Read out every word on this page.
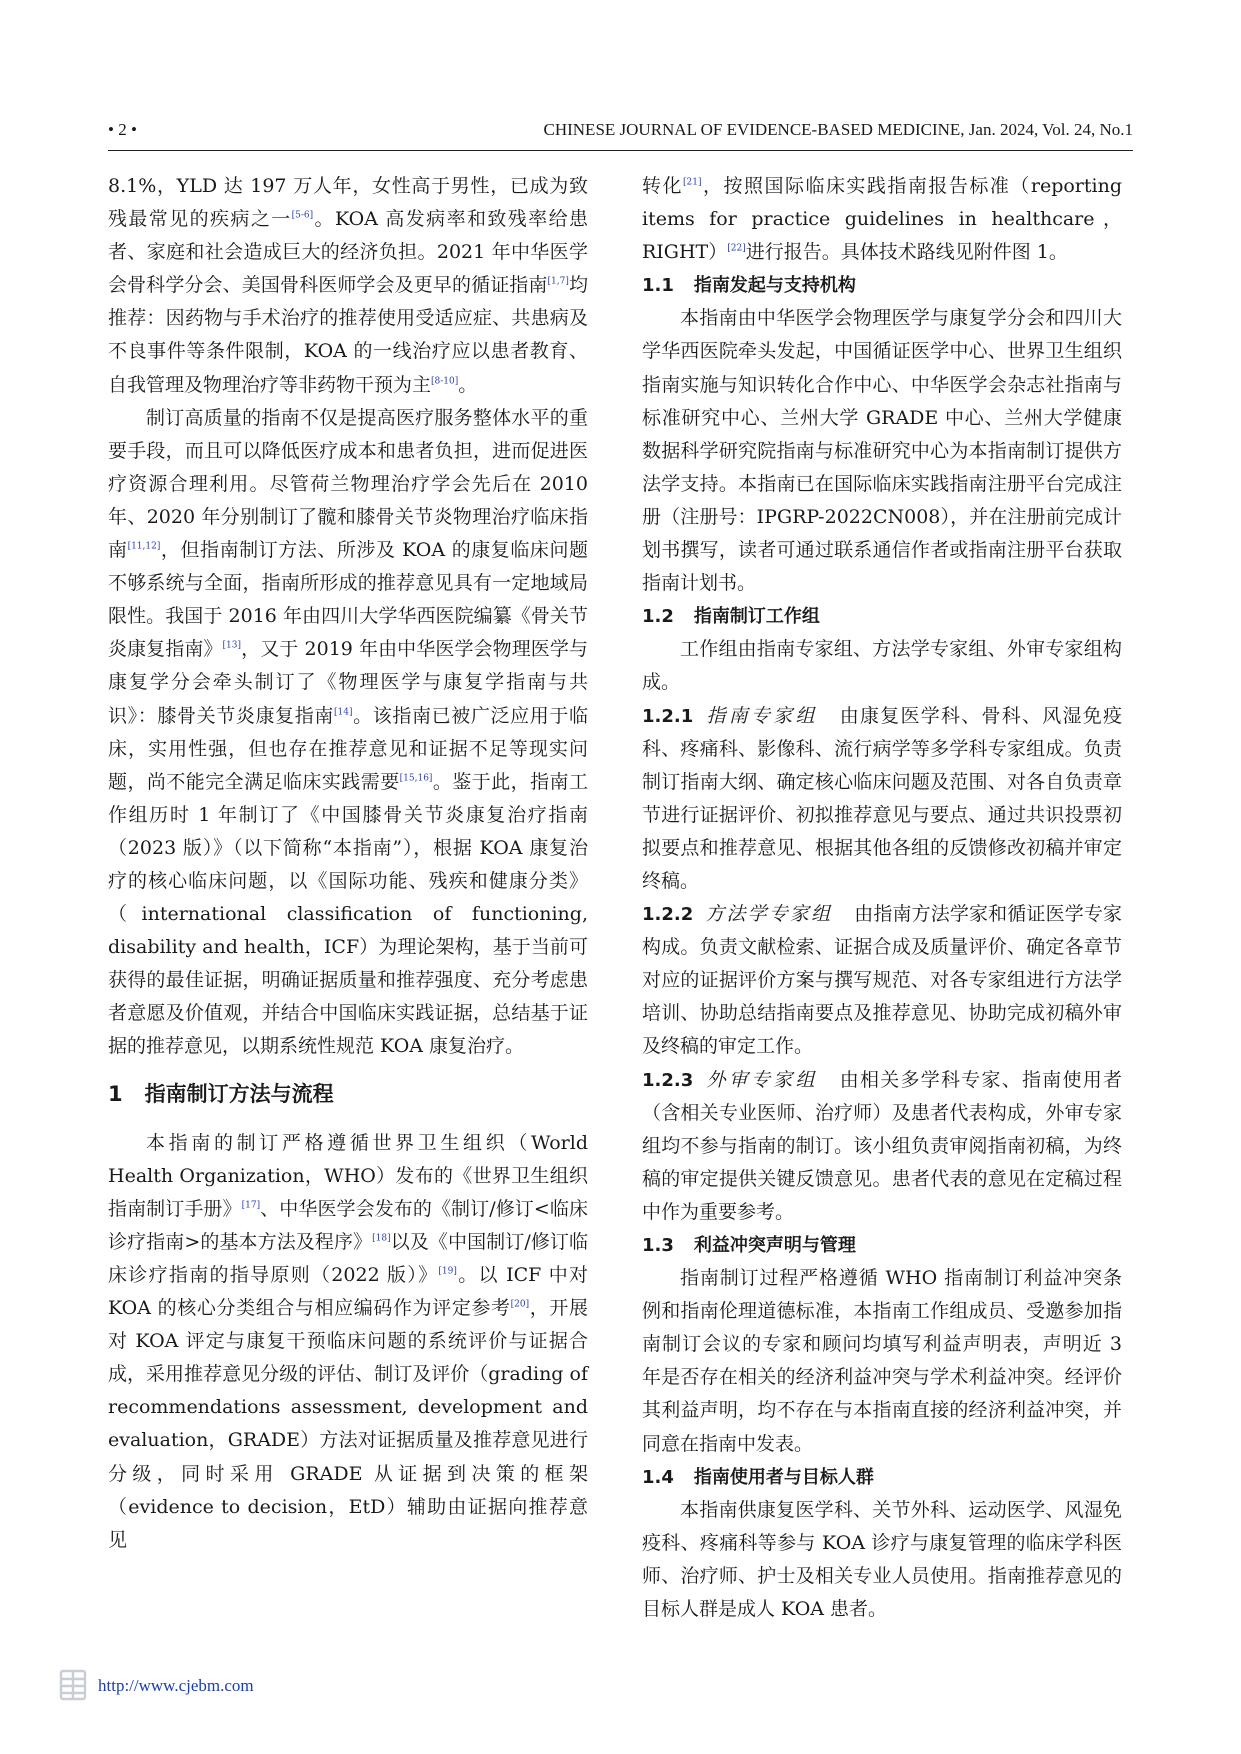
• 2 •	CHINESE JOURNAL OF EVIDENCE-BASED MEDICINE, Jan. 2024, Vol. 24, No.1

8.1%，YLD 达 197 万人年，女性高于男性，已成为致残最常见的疾病之一[5-6]。KOA 高发病率和致残率给患者、家庭和社会造成巨大的经济负担。2021 年中华医学会骨科学分会、美国骨科医师学会及更早的循证指南[1,7]均推荐：因药物与手术治疗的推荐使用受适应症、共患病及不良事件等条件限制，KOA 的一线治疗应以患者教育、自我管理及物理治疗等非药物干预为主[8-10]。

制订高质量的指南不仅是提高医疗服务整体水平的重要手段，而且可以降低医疗成本和患者负担，进而促进医疗资源合理利用。尽管荷兰物理治疗学会先后在 2010 年、2020 年分别制订了髋和膝骨关节炎物理治疗临床指南[11,12]，但指南制订方法、所涉及 KOA 的康复临床问题不够系统与全面，指南所形成的推荐意见具有一定地域局限性。我国于 2016 年由四川大学华西医院编纂《骨关节炎康复指南》[13]，又于 2019 年由中华医学会物理医学与康复学分会牵头制订了《物理医学与康复学指南与共识》：膝骨关节炎康复指南[14]。该指南已被广泛应用于临床，实用性强，但也存在推荐意见和证据不足等现实问题，尚不能完全满足临床实践需要[15,16]。鉴于此，指南工作组历时 1 年制订了《中国膝骨关节炎康复治疗指南（2023 版）》（以下简称“本指南”），根据 KOA 康复治疗的核心临床问题，以《国际功能、残疾和健康分类》（international classification of functioning, disability and health，ICF）为理论架构，基于当前可获得的最佳证据，明确证据质量和推荐强度、充分考虑患者意愿及价值观，并结合中国临床实践证据，总结基于证据的推荐意见，以期系统性规范 KOA 康复治疗。

1 指南制订方法与流程

本指南的制订严格遵循世界卫生组织（World Health Organization，WHO）发布的《世界卫生组织指南制订手册》[17]、中华医学会发布的《制订/修订<临床诊疗指南>的基本方法及程序》[18]以及《中国制订/修订临床诊疗指南的指导原则（2022 版）》[19]。以 ICF 中对 KOA 的核心分类组合与相应编码作为评定参考[20]，开展对 KOA 评定与康复干预临床问题的系统评价与证据合成，采用推荐意见分级的评估、制订及评价（grading of recommendations assessment, development and evaluation，GRADE）方法对证据质量及推荐意见进行分级，同时采用 GRADE 从证据到决策的框架（evidence to decision，EtD）辅助由证据向推荐意见

转化[21]，按照国际临床实践指南报告标准（reporting items for practice guidelines in healthcare，RIGHT）[22]进行报告。具体技术路线见附件图 1。

1.1 指南发起与支持机构

本指南由中华医学会物理医学与康复学分会和四川大学华西医院牵头发起，中国循证医学中心、世界卫生组织指南实施与知识转化合作中心、中华医学会杂志社指南与标准研究中心、兰州大学 GRADE 中心、兰州大学健康数据科学研究院指南与标准研究中心为本指南制订提供方法学支持。本指南已在国际临床实践指南注册平台完成注册（注册号：IPGRP-2022CN008），并在注册前完成计划书撰写，读者可通过联系通信作者或指南注册平台获取指南计划书。

1.2 指南制订工作组

工作组由指南专家组、方法学专家组、外审专家组构成。

1.2.1 指南专家组 由康复医学科、骨科、风湿免疫科、疼痛科、影像科、流行病学等多学科专家组成。负责制订指南大纲、确定核心临床问题及范围、对各自负责章节进行证据评价、初拟推荐意见与要点、通过共识投票初拟要点和推荐意见、根据其他各组的反馈修改初稿并审定终稿。

1.2.2 方法学专家组 由指南方法学家和循证医学专家构成。负责文献检索、证据合成及质量评价、确定各章节对应的证据评价方案与撰写规范、对各专家组进行方法学培训、协助总结指南要点及推荐意见、协助完成初稿外审及终稿的审定工作。

1.2.3 外审专家组 由相关多学科专家、指南使用者（含相关专业医师、治疗师）及患者代表构成，外审专家组均不参与指南的制订。该小组负责审阅指南初稿，为终稿的审定提供关键反馈意见。患者代表的意见在定稿过程中作为重要参考。

1.3 利益冲突声明与管理

指南制订过程严格遵循 WHO 指南制订利益冲突条例和指南伦理道德标准，本指南工作组成员、受邀参加指南制订会议的专家和顾问均填写利益声明表，声明近 3 年是否存在相关的经济利益冲突与学术利益冲突。经评价其利益声明，均不存在与本指南直接的经济利益冲突，并同意在指南中发表。

1.4 指南使用者与目标人群

本指南供康复医学科、关节外科、运动医学、风湿免疫科、疼痛科等参与 KOA 诊疗与康复管理的临床学科医师、治疗师、护士及相关专业人员使用。指南推荐意见的目标人群是成人 KOA 患者。

http://www.cjebm.com
